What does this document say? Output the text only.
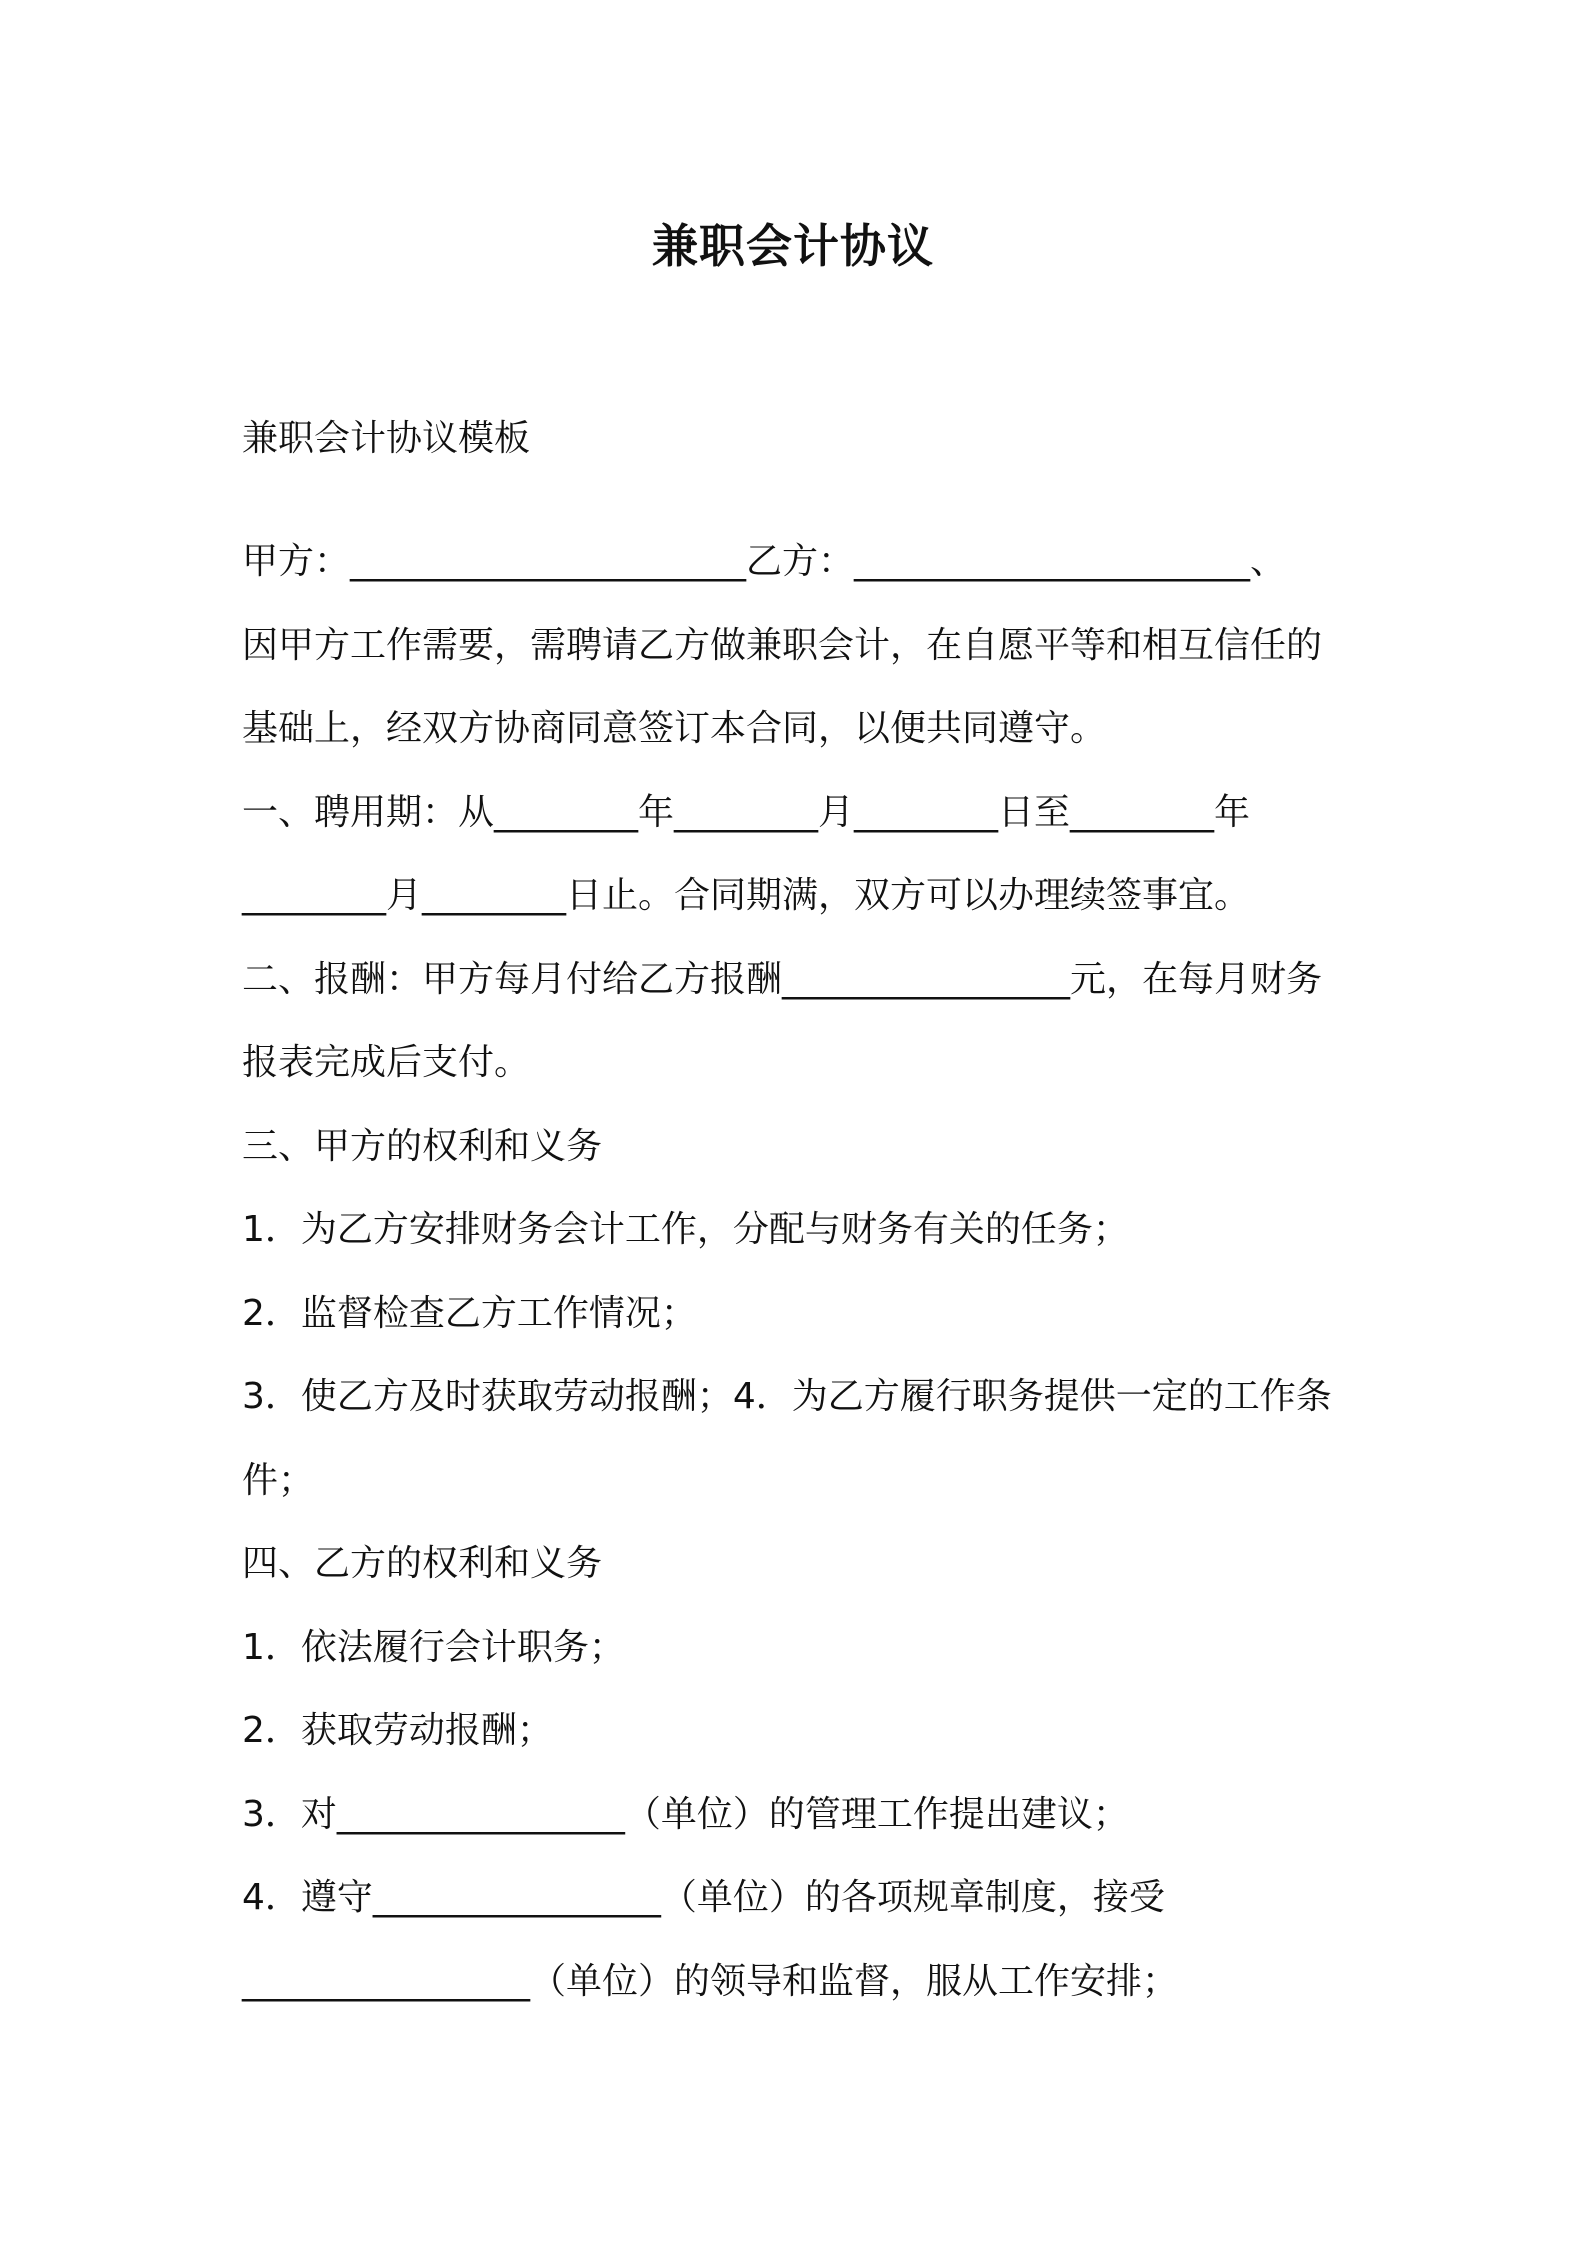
兼职会计协议

兼职会计协议模板

甲方：______________________乙方：______________________、

因甲方工作需要，需聘请乙方做兼职会计，在自愿平等和相互信任的

基础上，经双方协商同意签订本合同，以便共同遵守。

一、聘用期：从________年________月________日至________年

________月________日止。合同期满，双方可以办理续签事宜。

二、报酬：甲方每月付给乙方报酬________________元，在每月财务

报表完成后支付。

三、甲方的权利和义务

1．为乙方安排财务会计工作，分配与财务有关的任务；

2．监督检查乙方工作情况；

3．使乙方及时获取劳动报酬；4．为乙方履行职务提供一定的工作条

件；

四、乙方的权利和义务

1．依法履行会计职务；

2．获取劳动报酬；

3．对________________（单位）的管理工作提出建议；

4．遵守________________（单位）的各项规章制度，接受

________________（单位）的领导和监督，服从工作安排；
